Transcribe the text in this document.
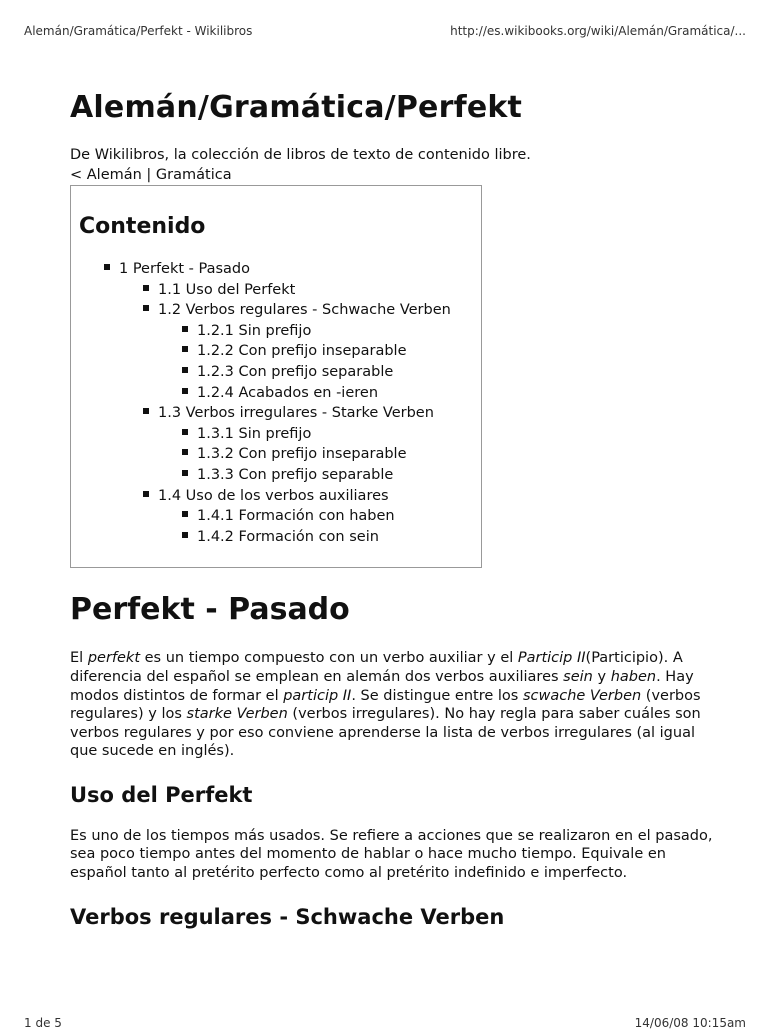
Alemán/Gramática/Perfekt - Wikilibros	http://es.wikibooks.org/wiki/Alemán/Gramática/...
Alemán/Gramática/Perfekt
De Wikilibros, la colección de libros de texto de contenido libre.
< Alemán | Gramática
Contenido
1 Perfekt - Pasado
1.1 Uso del Perfekt
1.2 Verbos regulares - Schwache Verben
1.2.1 Sin prefijo
1.2.2 Con prefijo inseparable
1.2.3 Con prefijo separable
1.2.4 Acabados en -ieren
1.3 Verbos irregulares - Starke Verben
1.3.1 Sin prefijo
1.3.2 Con prefijo inseparable
1.3.3 Con prefijo separable
1.4 Uso de los verbos auxiliares
1.4.1 Formación con haben
1.4.2 Formación con sein
Perfekt - Pasado

El perfekt es un tiempo compuesto con un verbo auxiliar y el Particip II(Participio). A diferencia del español se emplean en alemán dos verbos auxiliares sein y haben. Hay modos distintos de formar el particip II. Se distingue entre los scwache Verben (verbos regulares) y los starke Verben (verbos irregulares). No hay regla para saber cuáles son verbos regulares y por eso conviene aprenderse la lista de verbos irregulares (al igual que sucede en inglés).

Uso del Perfekt

Es uno de los tiempos más usados. Se refiere a acciones que se realizaron en el pasado, sea poco tiempo antes del momento de hablar o hace mucho tiempo. Equivale en español tanto al pretérito perfecto como al pretérito indefinido e imperfecto.

Verbos regulares - Schwache Verben
1 de 5	14/06/08 10:15am
